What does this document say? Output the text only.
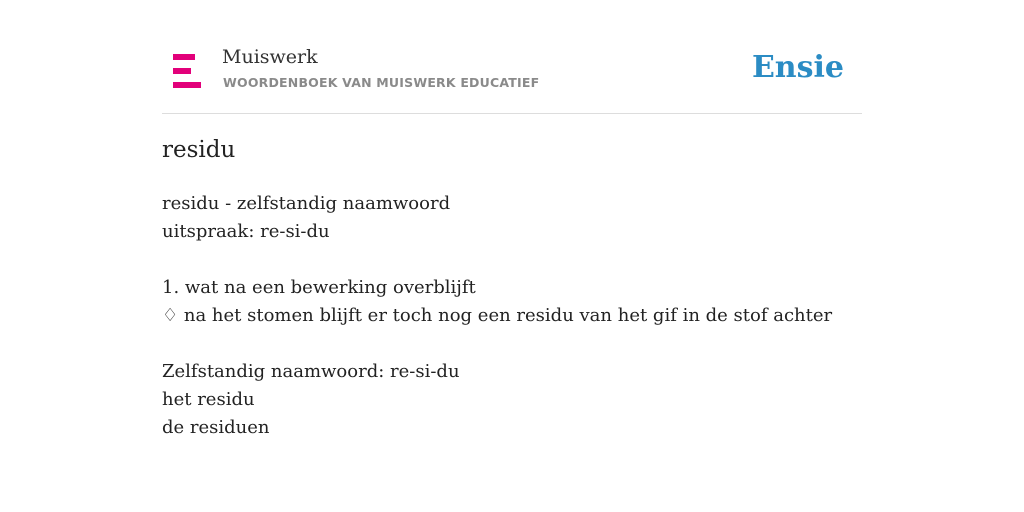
Muiswerk
WOORDENBOEK VAN MUISWERK EDUCATIEF	Ensie
residu
residu - zelfstandig naamwoord
uitspraak: re-si-du
1. wat na een bewerking overblijft
♢ na het stomen blijft er toch nog een residu van het gif in de stof achter
Zelfstandig naamwoord: re-si-du
het residu
de residuen
